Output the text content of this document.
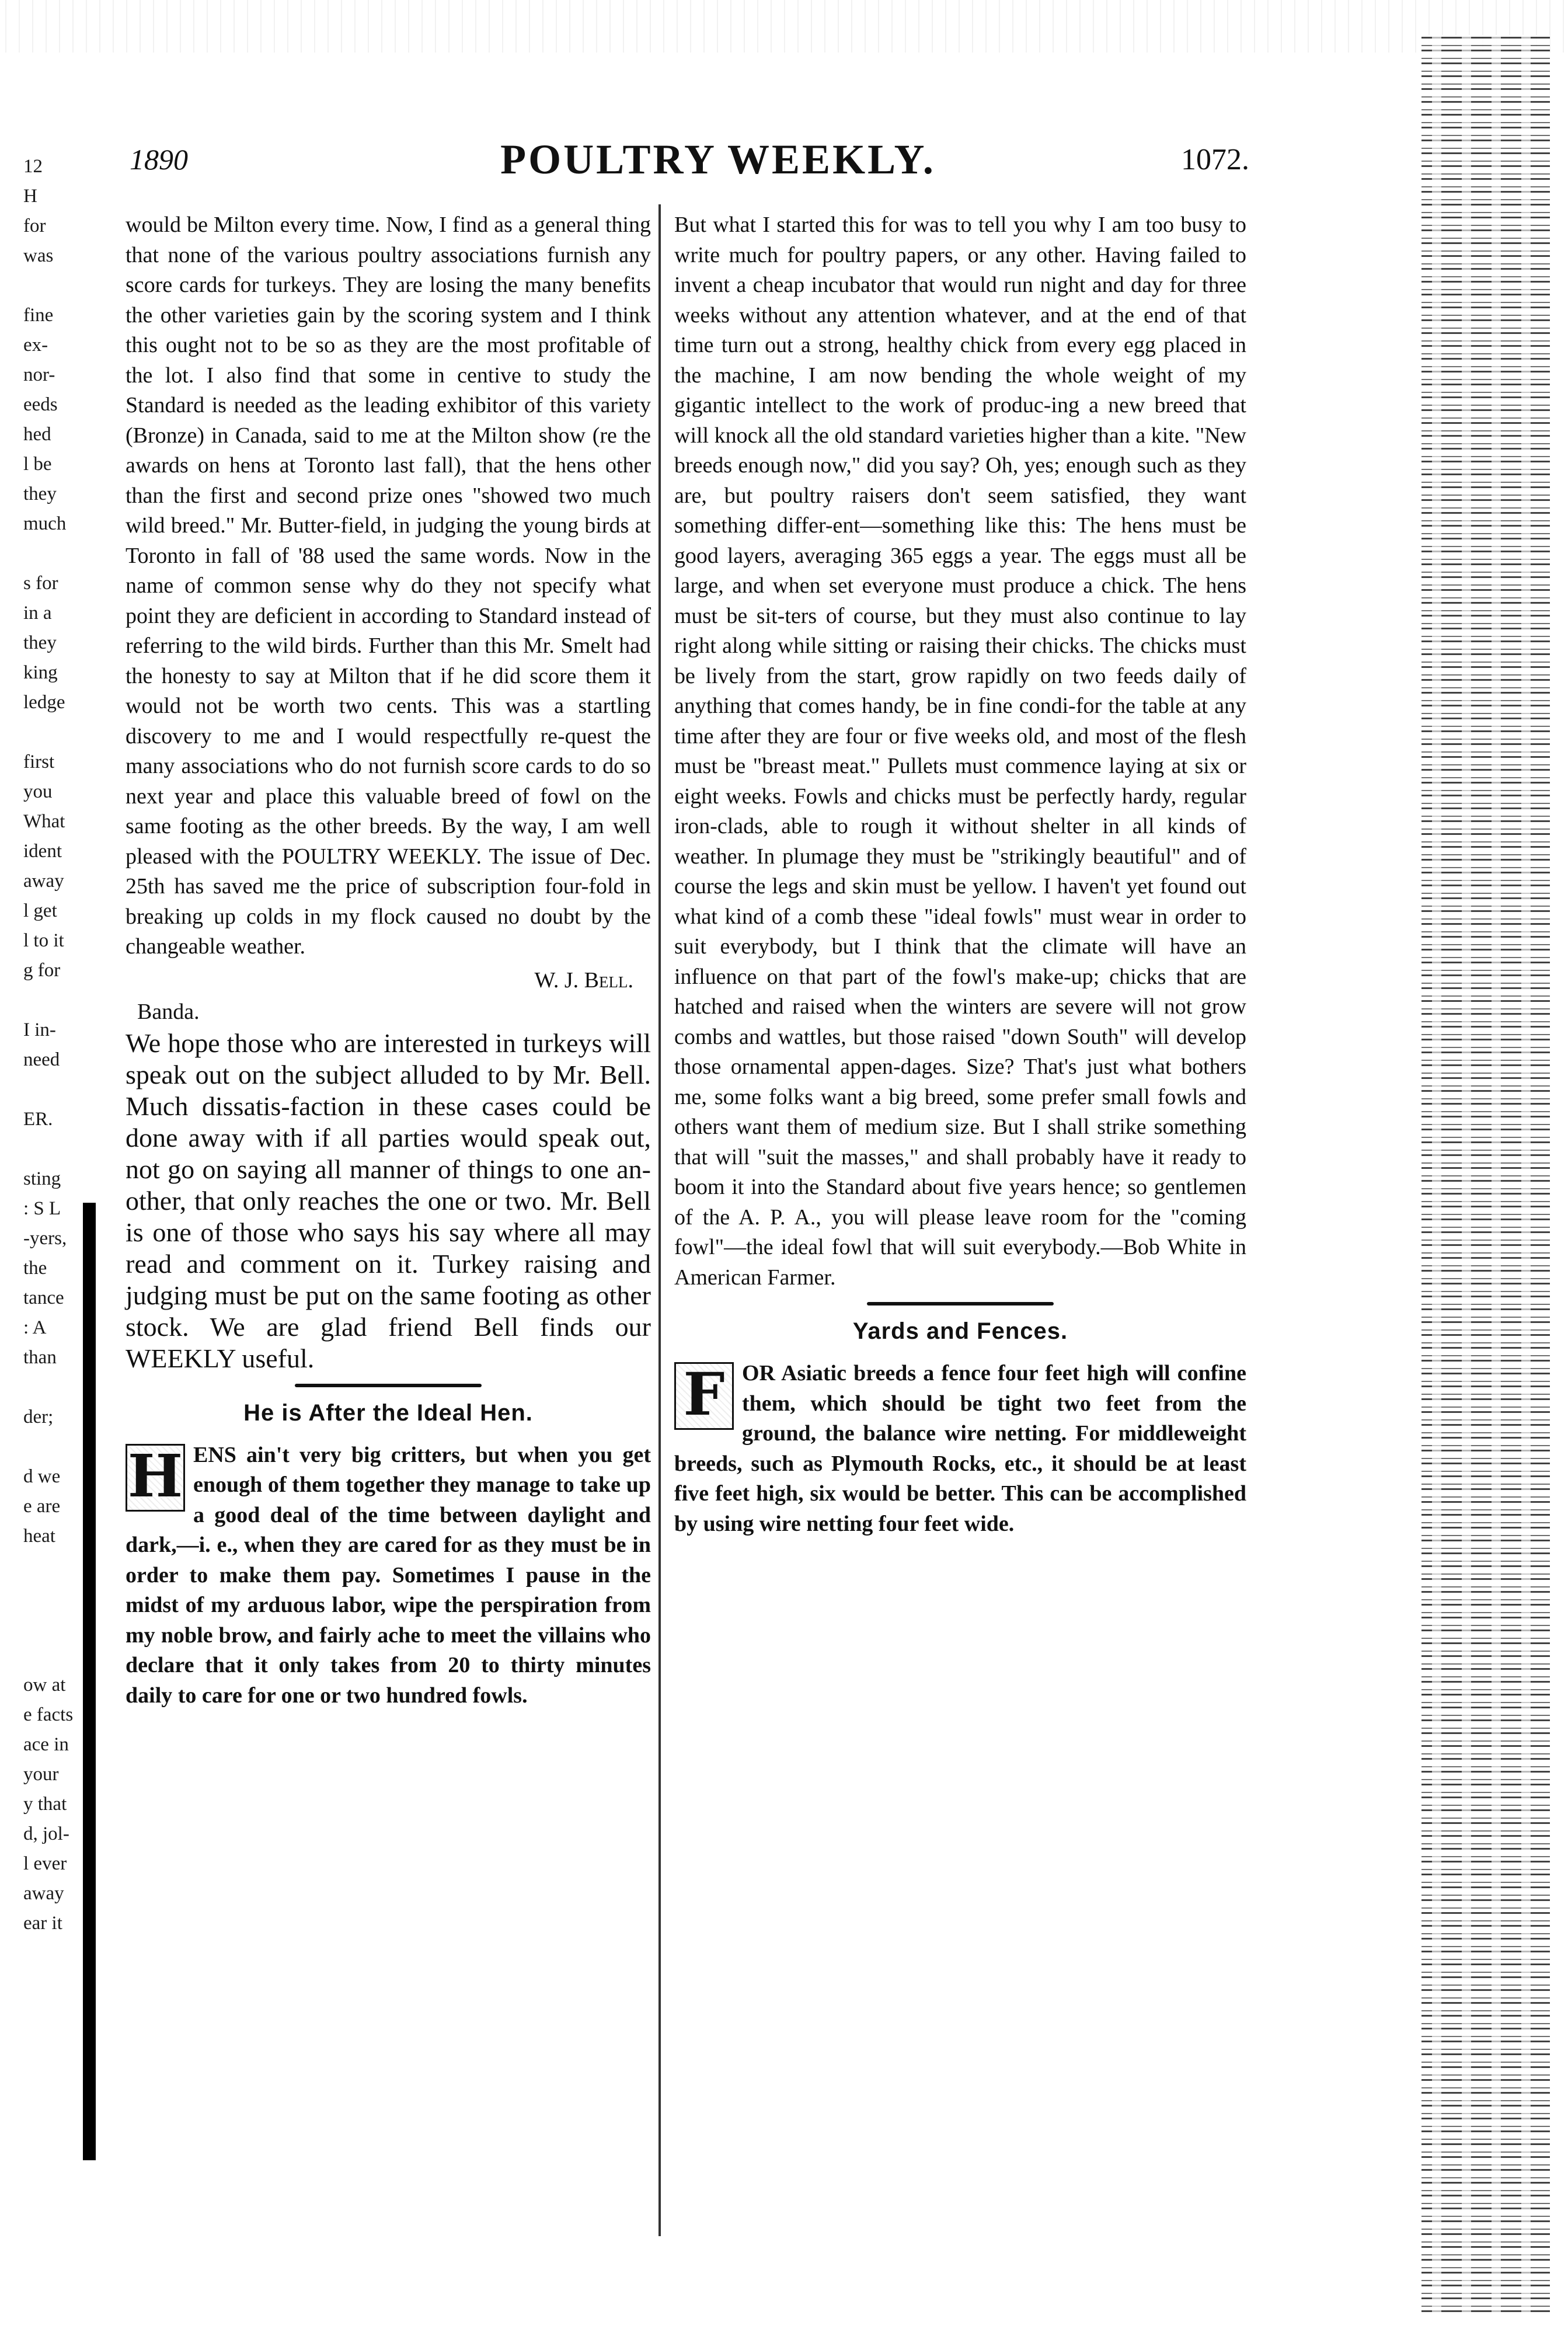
12
H
for
was
fine
ex-
nor-
eeds
hed
l be
they
much
s for
in a
they
king
ledge
first
you
What
ident
away
l get
l to it
g for
I in-
need
ER.
sting
: S L
-yers,
the
tance
: A
than
der;
d we
e are
heat
ow at
e facts
ace in
your
y that
d, jol-
l ever
away
ear it
1890	POULTRY WEEKLY.	1072.

would be Milton every time. Now, I find as a general thing that none of the various poultry associations furnish any score cards for turkeys. They are losing the many benefits the other varieties gain by the scoring system and I think this ought not to be so as they are the most profitable of the lot. I also find that some in centive to study the Standard is needed as the leading exhibitor of this variety (Bronze) in Canada, said to me at the Milton show (re the awards on hens at Toronto last fall), that the hens other than the first and second prize ones "showed two much wild breed." Mr. Butter-field, in judging the young birds at Toronto in fall of '88 used the same words. Now in the name of common sense why do they not specify what point they are deficient in according to Standard instead of referring to the wild birds. Further than this Mr. Smelt had the honesty to say at Milton that if he did score them it would not be worth two cents. This was a startling discovery to me and I would respectfully re-quest the many associations who do not furnish score cards to do so next year and place this valuable breed of fowl on the same footing as the other breeds. By the way, I am well pleased with the POULTRY WEEKLY. The issue of Dec. 25th has saved me the price of subscription four-fold in breaking up colds in my flock caused no doubt by the changeable weather.

W. J. Bell.

Banda.

We hope those who are interested in turkeys will speak out on the subject alluded to by Mr. Bell. Much dissatis-faction in these cases could be done away with if all parties would speak out, not go on saying all manner of things to one an-other, that only reaches the one or two. Mr. Bell is one of those who says his say where all may read and comment on it. Turkey raising and judging must be put on the same footing as other stock. We are glad friend Bell finds our WEEKLY useful.

He is After the Ideal Hen.
H ENS ain't very big critters, but when you get enough of them together they manage to take up a good deal of the time between daylight and dark,—i. e., when they are cared for as they must be in order to make them pay. Sometimes I pause in the midst of my arduous labor, wipe the perspiration from my noble brow, and fairly ache to meet the villains who declare that it only takes from 20 to thirty minutes daily to care for one or two hundred fowls.

But what I started this for was to tell you why I am too busy to write much for poultry papers, or any other. Having failed to invent a cheap incubator that would run night and day for three weeks without any attention whatever, and at the end of that time turn out a strong, healthy chick from every egg placed in the machine, I am now bending the whole weight of my gigantic intellect to the work of produc-ing a new breed that will knock all the old standard varieties higher than a kite. "New breeds enough now," did you say? Oh, yes; enough such as they are, but poultry raisers don't seem satisfied, they want something differ-ent—something like this: The hens must be good layers, averaging 365 eggs a year. The eggs must all be large, and when set everyone must produce a chick. The hens must be sit-ters of course, but they must also continue to lay right along while sitting or raising their chicks. The chicks must be lively from the start, grow rapidly on two feeds daily of anything that comes handy, be in fine condi-for the table at any time after they are four or five weeks old, and most of the flesh must be "breast meat." Pullets must commence laying at six or eight weeks. Fowls and chicks must be perfectly hardy, regular iron-clads, able to rough it without shelter in all kinds of weather. In plumage they must be "strikingly beautiful" and of course the legs and skin must be yellow. I haven't yet found out what kind of a comb these "ideal fowls" must wear in order to suit everybody, but I think that the climate will have an influence on that part of the fowl's make-up; chicks that are hatched and raised when the winters are severe will not grow combs and wattles, but those raised "down South" will develop those ornamental appen-dages. Size? That's just what bothers me, some folks want a big breed, some prefer small fowls and others want them of medium size. But I shall strike something that will "suit the masses," and shall probably have it ready to boom it into the Standard about five years hence; so gentlemen of the A. P. A., you will please leave room for the "coming fowl"—the ideal fowl that will suit everybody.—Bob White in American Farmer.

Yards and Fences.
F OR Asiatic breeds a fence four feet high will confine them, which should be tight two feet from the ground, the balance wire netting. For middleweight breeds, such as Plymouth Rocks, etc., it should be at least five feet high, six would be better. This can be accomplished by using wire netting four feet wide.
